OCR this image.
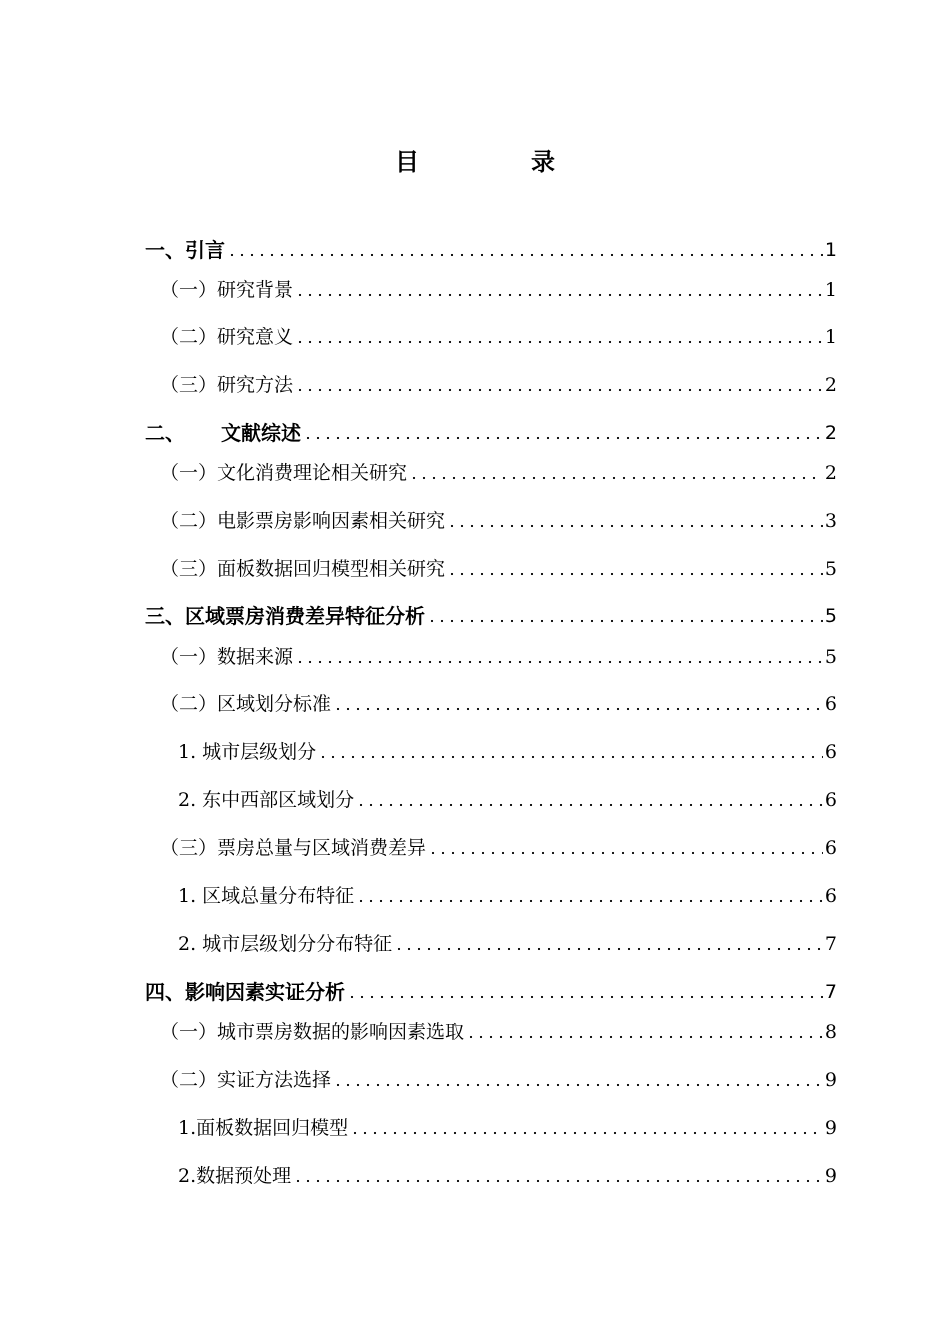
目　录
一、引言	1
（一）研究背景	1
（二）研究意义	1
（三）研究方法	2
二、 文献综述	2
（一）文化消费理论相关研究	2
（二）电影票房影响因素相关研究	3
（三）面板数据回归模型相关研究	5
三、区域票房消费差异特征分析	5
（一）数据来源	5
（二）区域划分标准	6
1. 城市层级划分	6
2. 东中西部区域划分	6
（三）票房总量与区域消费差异	6
1. 区域总量分布特征	6
2. 城市层级划分分布特征	7
四、影响因素实证分析	7
（一）城市票房数据的影响因素选取	8
（二）实证方法选择	9
1.面板数据回归模型	9
2.数据预处理	9
